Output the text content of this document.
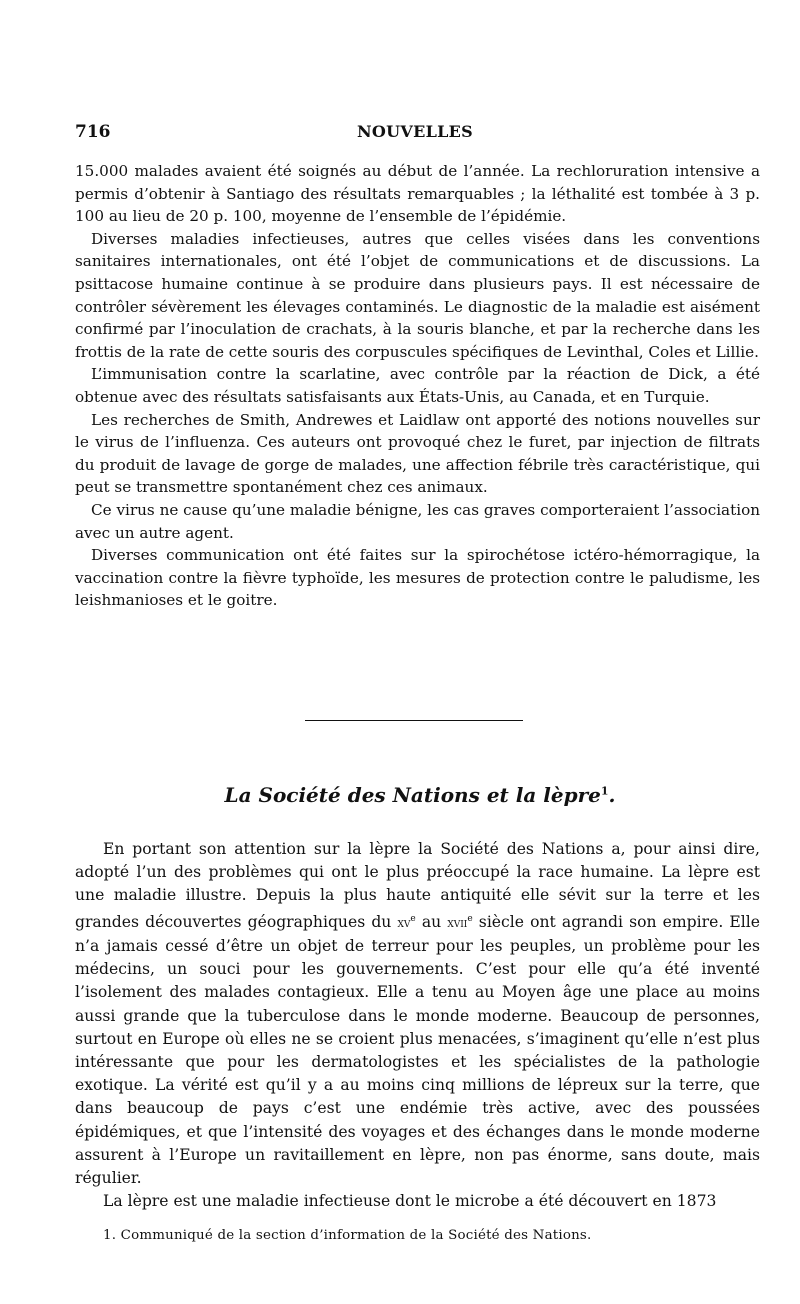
716	NOUVELLES

15.000 malades avaient été soignés au début de l’année. La rechloruration intensive a permis d’obtenir à Santiago des résultats remarquables ; la léthalité est tombée à 3 p. 100 au lieu de 20 p. 100, moyenne de l’ensemble de l’épidémie.

Diverses maladies infectieuses, autres que celles visées dans les conventions sanitaires internationales, ont été l’objet de communications et de discussions. La psittacose humaine continue à se produire dans plusieurs pays. Il est nécessaire de contrôler sévèrement les élevages contaminés. Le diagnostic de la maladie est aisément confirmé par l’inoculation de crachats, à la souris blanche, et par la recherche dans les frottis de la rate de cette souris des corpuscules spécifiques de Levinthal, Coles et Lillie.

L’immunisation contre la scarlatine, avec contrôle par la réaction de Dick, a été obtenue avec des résultats satisfaisants aux États-Unis, au Canada, et en Turquie.

Les recherches de Smith, Andrewes et Laidlaw ont apporté des notions nouvelles sur le virus de l’influenza. Ces auteurs ont provoqué chez le furet, par injection de filtrats du produit de lavage de gorge de malades, une affection fébrile très caractéristique, qui peut se transmettre spontanément chez ces animaux.

Ce virus ne cause qu’une maladie bénigne, les cas graves comporteraient l’association avec un autre agent.

Diverses communication ont été faites sur la spirochétose ictéro-hémorragique, la vaccination contre la fièvre typhoïde, les mesures de protection contre le paludisme, les leishmanioses et le goitre.

La Société des Nations et la lèpre$^1$.

En portant son attention sur la lèpre la Société des Nations a, pour ainsi dire, adopté l’un des problèmes qui ont le plus préoccupé la race humaine. La lèpre est une maladie illustre. Depuis la plus haute antiquité elle sévit sur la terre et les grandes découvertes géographiques du $xv^e$ au xvii$^e$ siècle ont agrandi son empire. Elle n’a jamais cessé d’être un objet de terreur pour les peuples, un problème pour les médecins, un souci pour les gouvernements. C’est pour elle qu’a été inventé l’isolement des malades contagieux. Elle a tenu au Moyen âge une place au moins aussi grande que la tuberculose dans le monde moderne. Beaucoup de personnes, surtout en Europe où elles ne se croient plus menacées, s’imaginent qu’elle n’est plus intéressante que pour les dermatologistes et les spécialistes de la pathologie exotique. La vérité est qu’il y a au moins cinq millions de lépreux sur la terre, que dans beaucoup de pays c’est une endémie très active, avec des poussées épidémiques, et que l’intensité des voyages et des échanges dans le monde moderne assurent à l’Europe un ravitaillement en lèpre, non pas énorme, sans doute, mais régulier.

La lèpre est une maladie infectieuse dont le microbe a été découvert en 1873

1. Communiqué de la section d’information de la Société des Nations.
